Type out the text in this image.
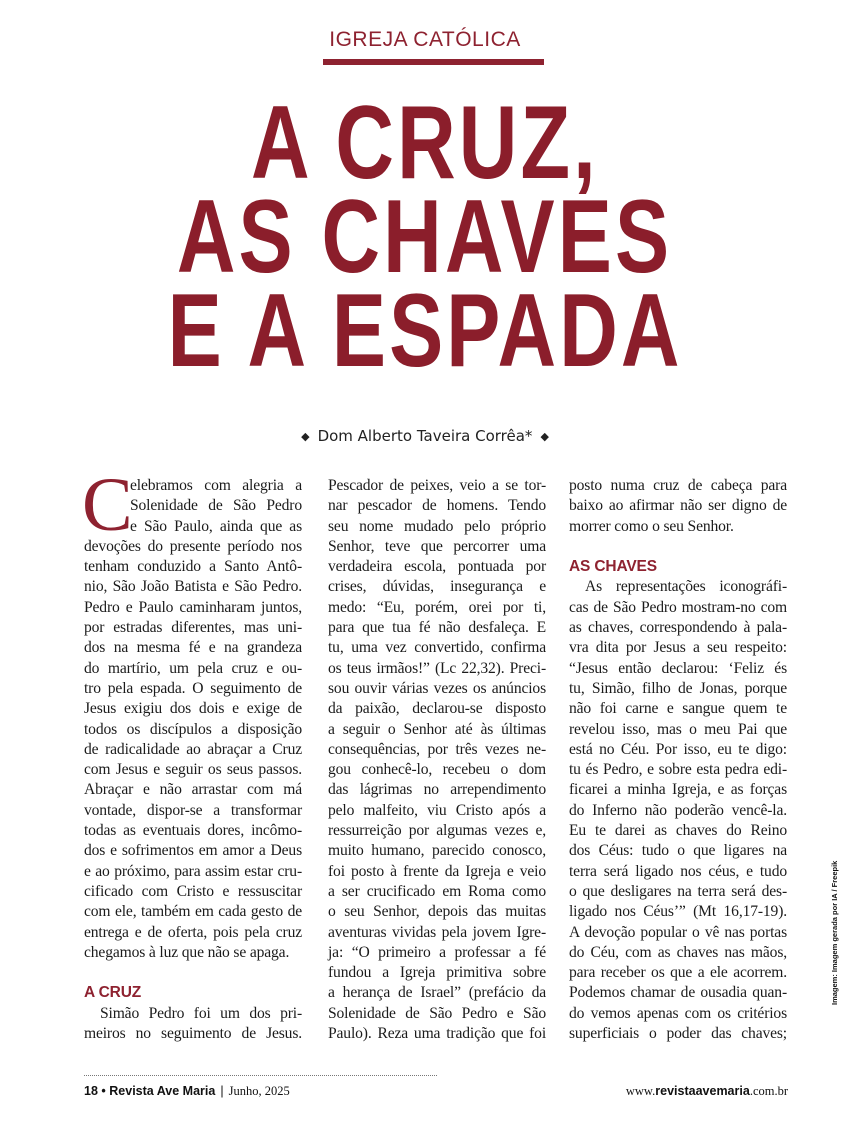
IGREJA CATÓLICA
A CRUZ,
AS CHAVES
E A ESPADA
◆ Dom Alberto Taveira Corrêa* ◆
C
elebramos com alegria a
Solenidade de São Pedro
e São Paulo, ainda que as
devoções do presente período nos
tenham conduzido a Santo Antô-
nio, São João Batista e São Pedro.
Pedro e Paulo caminharam juntos,
por estradas diferentes, mas uni-
dos na mesma fé e na grandeza
do martírio, um pela cruz e ou-
tro pela espada. O seguimento de
Jesus exigiu dos dois e exige de
todos os discípulos a disposição
de radicalidade ao abraçar a Cruz
com Jesus e seguir os seus passos.
Abraçar e não arrastar com má
vontade, dispor-se a transformar
todas as eventuais dores, incômo-
dos e sofrimentos em amor a Deus
e ao próximo, para assim estar cru-
cificado com Cristo e ressuscitar
com ele, também em cada gesto de
entrega e de oferta, pois pela cruz
chegamos à luz que não se apaga.
A CRUZ
Simão Pedro foi um dos pri-
meiros no seguimento de Jesus.
Pescador de peixes, veio a se tor-
nar pescador de homens. Tendo
seu nome mudado pelo próprio
Senhor, teve que percorrer uma
verdadeira escola, pontuada por
crises, dúvidas, insegurança e
medo: “Eu, porém, orei por ti,
para que tua fé não desfaleça. E
tu, uma vez convertido, confirma
os teus irmãos!” (Lc 22,32). Preci-
sou ouvir várias vezes os anúncios
da paixão, declarou-se disposto
a seguir o Senhor até às últimas
consequências, por três vezes ne-
gou conhecê-lo, recebeu o dom
das lágrimas no arrependimento
pelo malfeito, viu Cristo após a
ressurreição por algumas vezes e,
muito humano, parecido conosco,
foi posto à frente da Igreja e veio
a ser crucificado em Roma como
o seu Senhor, depois das muitas
aventuras vividas pela jovem Igre-
ja: “O primeiro a professar a fé
fundou a Igreja primitiva sobre
a herança de Israel” (prefácio da
Solenidade de São Pedro e São
Paulo). Reza uma tradição que foi
posto numa cruz de cabeça para
baixo ao afirmar não ser digno de
morrer como o seu Senhor.
AS CHAVES
As representações iconográfi-
cas de São Pedro mostram-no com
as chaves, correspondendo à pala-
vra dita por Jesus a seu respeito:
“Jesus então declarou: ‘Feliz és
tu, Simão, filho de Jonas, porque
não foi carne e sangue quem te
revelou isso, mas o meu Pai que
está no Céu. Por isso, eu te digo:
tu és Pedro, e sobre esta pedra edi-
ficarei a minha Igreja, e as forças
do Inferno não poderão vencê-la.
Eu te darei as chaves do Reino
dos Céus: tudo o que ligares na
terra será ligado nos céus, e tudo
o que desligares na terra será des-
ligado nos Céus’” (Mt 16,17-19).
A devoção popular o vê nas portas
do Céu, com as chaves nas mãos,
para receber os que a ele acorrem.
Podemos chamar de ousadia quan-
do vemos apenas com os critérios
superficiais o poder das chaves;
Imagem: Imagem gerada por IA / Freepik
18 • Revista Ave Maria | Junho, 2025	www.revistaavemaria.com.br
